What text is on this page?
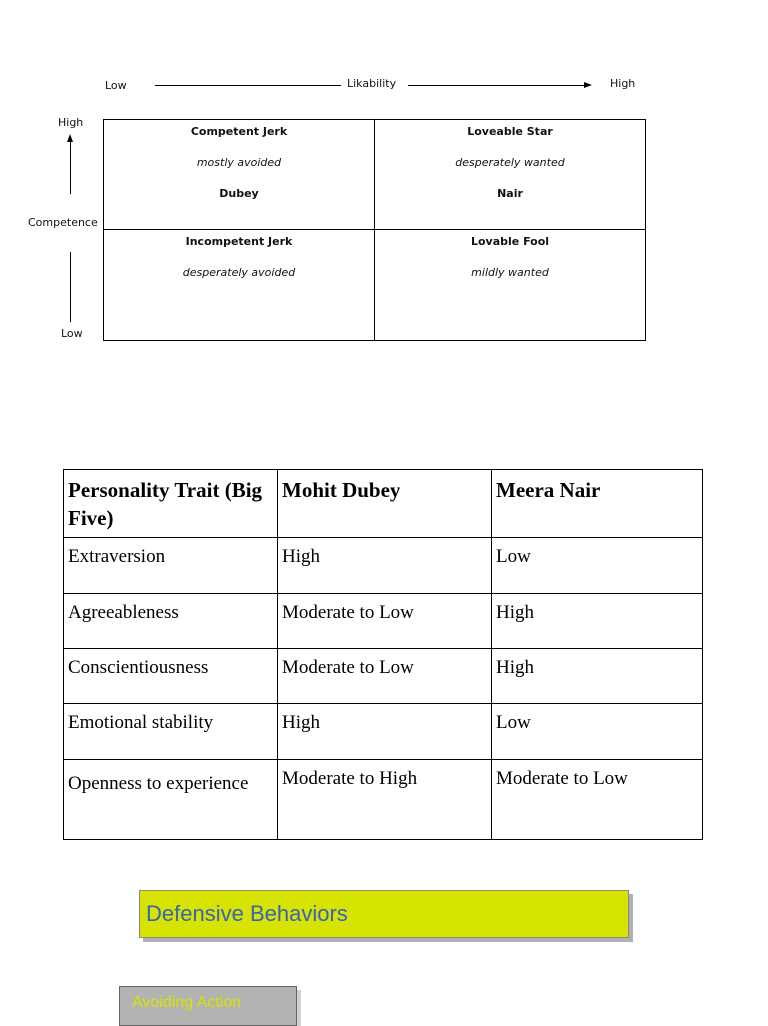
Low	Likability	High
High
Competence
Low
Competent Jerk
mostly avoided
Dubey
Loveable Star
desperately wanted
Nair
Incompetent Jerk
desperately avoided
Lovable Fool
mildly wanted
Personality Trait (Big Five)	Mohit Dubey	Meera Nair
Extraversion	High	Low
Agreeableness	Moderate to Low	High
Conscientiousness	Moderate to Low	High
Emotional stability	High	Low
Openness to experience	Moderate to High	Moderate to Low
Defensive Behaviors
Avoiding Action
